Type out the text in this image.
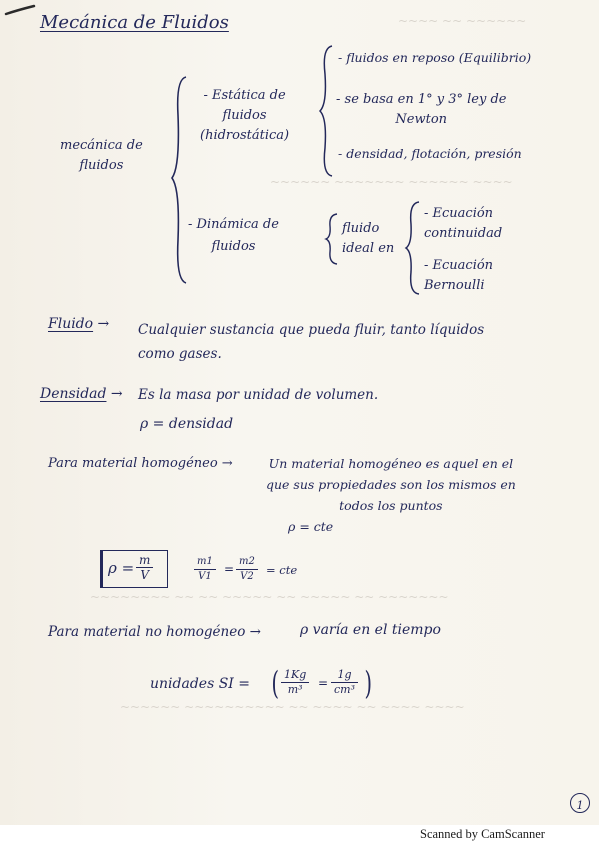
~~~~ ~~ ~~~~~~
~~~~~~ ~~~~~~~ ~~~~~~ ~~~~
~~~~~~~~ ~~ ~~ ~~~~~ ~~ ~~~~~ ~~ ~~~~~~~
~~~~~~ ~~~~~~~~~~ ~~ ~~~~ ~~ ~~~~ ~~~~
Mecánica de Fluidos
mecánica de
fluidos
- Estática de
fluidos
(hidrostática)
- fluidos en reposo (Equilibrio)
- se basa en 1° y 3° ley de
Newton
- densidad, flotación, presión
- Dinámica de
fluidos
fluido
ideal en
- Ecuación
continuidad
- Ecuación
Bernoulli
Fluido → Cualquier sustancia que pueda fluir, tanto líquidos
como gases.
Densidad → Es la masa por unidad de volumen.
ρ = densidad
Para material homogéneo →	Un material homogéneo es aquel en el
que sus propiedades son los mismos en
todos los puntos
ρ = cte
$\rho = \frac{m}{V}$	$\frac{m1}{V1} = \frac{m2}{V2}$ = cte
Para material no homogéneo →	ρ varía en el tiempo
unidades SI = ( $\frac{1Kg}{\text{m³}} = \frac{1g}{\text{cm³}}$ )
1
Scanned by CamScanner
